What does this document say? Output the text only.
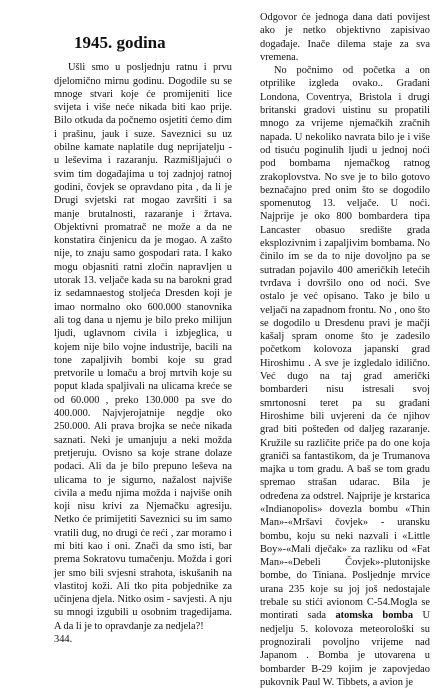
1945. godina

Ušli smo u posljednju ratnu i prvu djelomično mirnu godinu. Dogodile su se mnoge stvari koje će promijeniti lice svijeta i više neće nikada biti kao prije. Bilo otkuda da počnemo osjetiti ćemo dim i prašinu, jauk i suze. Saveznici su uz obilne kamate naplatile dug neprijatelju - u leševima i razaranju. Razmišljajući o svim tim događajima u toj zadnjoj ratnoj godini, čovjek se opravdano pita , da li je Drugi svjetski rat mogao završiti i sa manje brutalnosti, razaranje i žrtava. Objektivni promatrač ne može a da ne konstatira činjenicu da je mogao. A zašto nije, to znaju samo gospodari rata. I kako mogu objasniti ratni zločin napravljen u utorak 13. veljače kada su na barokni grad iz sedamnaestog stoljeća Dresden koji je imao normalno oko 600.000 stanovnika ali tog dana u njemu je bilo preko milijun ljudi, uglavnom civila i izbjeglica, u kojem nije bilo vojne industrije, bacili na tone zapaljivih bombi koje su grad pretvorile u lomaču a broj mrtvih koje su poput klada spaljivali na ulicama kreće se od 60.000 , preko 130.000 pa sve do 400.000. Najvjerojatnije negdje oko 250.000. Ali prava brojka se neće nikada saznati. Neki je umanjuju a neki možda pretjeruju. Ovisno sa koje strane dolaze podaci. Ali da je bilo prepuno leševa na ulicama to je sigurno, nažalost najviše civila a među njima možda i najviše onih koji nisu krivi za Njemačku agresiju. Netko će primijetiti Saveznici su im samo vratili dug, no drugi će reći , zar moramo i mi biti kao i oni. Znači da smo isti, bar prema Sokratovu tumačenju. Možda i gori jer smo bili svjesni strahota, iskušanih na vlastitoj koži. Ali tko pita pobjednike za učinjena djela. Nitko osim - savjesti. A nju su mnogi izgubili u osobnim tragedijama. A da li je to opravdanje za nedjela?!

344.

Odgovor će jednoga dana dati povijest ako je netko objektivno zapisivao događaje. Inače dilema staje za sva vremena.

No počnimo od početka a on otprilike izgleda ovako.. Građani Londona, Coventrya, Bristola i drugi britanski gradovi uistinu su propatili mnogo za vrijeme njemačkih zračnih napada. U nekoliko navrata bilo je i više od tisuću poginulih ljudi u jednoj noći pod bombama njemačkog ratnog zrakoplovstva. No sve je to bilo gotovo beznačajno pred onim što se dogodilo spomenutog 13. veljače. U noći. Najprije je oko 800 bombardera tipa Lancaster obasuo središte grada eksplozivnim i zapaljivim bombama. No činilo im se da to nije dovoljno pa se sutradan pojavilo 400 američkih letećih tvrđava i dovršilo ono od noći. Sve ostalo je već opisano. Tako je bilo u veljači na zapadnom frontu. No , ono što se dogodilo u Dresdenu pravi je mačji kašalj spram onome što je zadesilo početkom kolovoza japanski grad Hiroshimu . A sve je izgledalo idilično. Već dugo na taj grad američki bombarderi nisu istresali svoj smrtonosni teret pa su građani Hiroshime bili uvjereni da će njihov grad biti pošteđen od daljeg razaranje. Kružile su različite priče pa do one koja graniči sa fantastikom, da je Trumanova majka u tom gradu. A baš se tom gradu spremao strašan udarac. Bila je određena za odstrel. Najprije je krstarica «Indianopolis» dovezla bombu «Thin Man»-«Mršavi čovjek» - uransku bombu, koju su neki nazvali i «Little Boy»-«Mali dječak» za razliku od «Fat Man»-«Debeli Čovjek»-plutonijske bombe, do Tiniana. Posljednje mrvice urana 235 koje su joj još nedostajale trebale su stići avionom C-54.Mogla se montirati sada atomska bomba U nedjelju 5. kolovoza meteorološki su prognozirali povoljno vrijeme nad Japanom . Bomba je utovarena u bombarder B-29 kojim je zapovjedao pukovnik Paul W. Tibbets, a avion je
